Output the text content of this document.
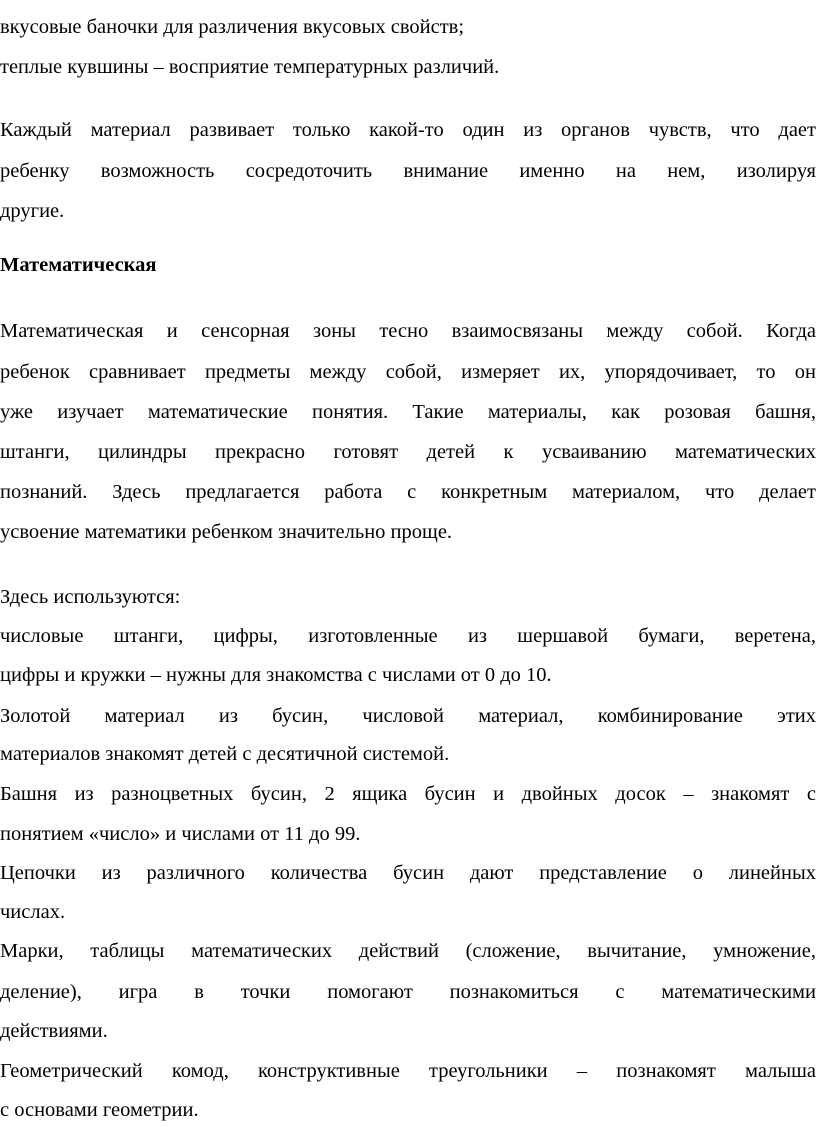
вкусовые баночки для различения вкусовых свойств;
теплые кувшины – восприятие температурных различий.
Каждый материал развивает только какой-то один из органов чувств, что дает
ребенку возможность сосредоточить внимание именно на нем, изолируя
другие.
Математическая
Математическая и сенсорная зоны тесно взаимосвязаны между собой. Когда
ребенок сравнивает предметы между собой, измеряет их, упорядочивает, то он
уже изучает математические понятия. Такие материалы, как розовая башня,
штанги, цилиндры прекрасно готовят детей к усваиванию математических
познаний. Здесь предлагается работа с конкретным материалом, что делает
усвоение математики ребенком значительно проще.
Здесь используются:
числовые штанги, цифры, изготовленные из шершавой бумаги, веретена,
цифры и кружки – нужны для знакомства с числами от 0 до 10.
Золотой материал из бусин, числовой материал, комбинирование этих
материалов знакомят детей с десятичной системой.
Башня из разноцветных бусин, 2 ящика бусин и двойных досок – знакомят с
понятием «число» и числами от 11 до 99.
Цепочки из различного количества бусин дают представление о линейных
числах.
Марки, таблицы математических действий (сложение, вычитание, умножение,
деление), игра в точки помогают познакомиться с математическими
действиями.
Геометрический комод, конструктивные треугольники – познакомят малыша
с основами геометрии.
